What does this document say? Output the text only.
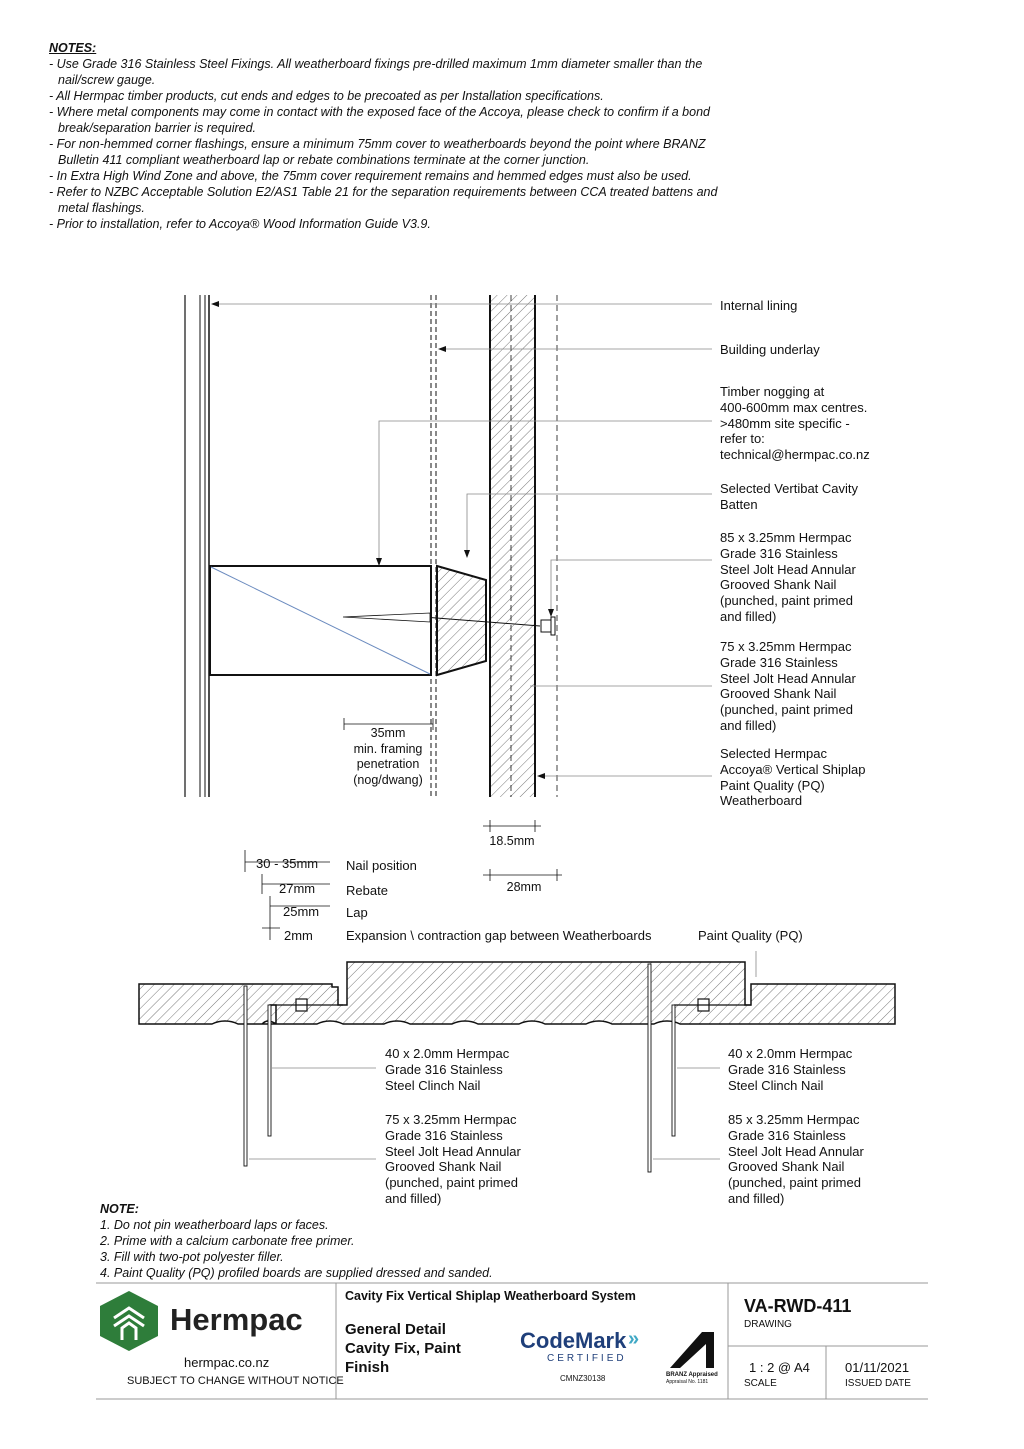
NOTES:
- Use Grade 316 Stainless Steel Fixings. All weatherboard fixings pre-drilled maximum 1mm diameter smaller than the nail/screw gauge.
- All Hermpac timber products, cut ends and edges to be precoated as per Installation specifications.
- Where metal components may come in contact with the exposed face of the Accoya, please check to confirm if a bond break/separation barrier is required.
- For non-hemmed corner flashings, ensure a minimum 75mm cover to weatherboards beyond the point where BRANZ Bulletin 411 compliant weatherboard lap or rebate combinations terminate at the corner junction.
- In Extra High Wind Zone and above, the 75mm cover requirement remains and hemmed edges must also be used.
- Refer to NZBC Acceptable Solution E2/AS1 Table 21 for the separation requirements between CCA treated battens and metal flashings.
- Prior to installation, refer to Accoya® Wood Information Guide V3.9.
Internal lining
Building underlay
Timber nogging at
400-600mm max centres.
>480mm site specific -
refer to:
technical@hermpac.co.nz
Selected Vertibat Cavity
Batten
85 x 3.25mm Hermpac
Grade 316 Stainless
Steel Jolt Head Annular
Grooved Shank Nail
(punched, paint primed
and filled)
75 x 3.25mm Hermpac
Grade 316 Stainless
Steel Jolt Head Annular
Grooved Shank Nail
(punched, paint primed
and filled)
Selected Hermpac
Accoya® Vertical Shiplap
Paint Quality (PQ)
Weatherboard
35mm
min. framing
penetration
(nog/dwang)
18.5mm
28mm
30 - 35mm Nail position
27mm Rebate
25mm Lap
2mm	Expansion \ contraction gap between Weatherboards	Paint Quality (PQ)
40 x 2.0mm Hermpac
Grade 316 Stainless
Steel Clinch Nail
40 x 2.0mm Hermpac
Grade 316 Stainless
Steel Clinch Nail
75 x 3.25mm Hermpac
Grade 316 Stainless
Steel Jolt Head Annular
Grooved Shank Nail
(punched, paint primed
and filled)
85 x 3.25mm Hermpac
Grade 316 Stainless
Steel Jolt Head Annular
Grooved Shank Nail
(punched, paint primed
and filled)
NOTE:
1. Do not pin weatherboard laps or faces.
2. Prime with a calcium carbonate free primer.
3. Fill with two-pot polyester filler.
4. Paint Quality (PQ) profiled boards are supplied dressed and sanded.
Hermpac
hermpac.co.nz
SUBJECT TO CHANGE WITHOUT NOTICE
Cavity Fix Vertical Shiplap Weatherboard System
General Detail
Cavity Fix, Paint
Finish
CodeMark »
CERTIFIED
CMNZ30138	BRANZ Appraised
Appraisal No. 1181
VA-RWD-411
DRAWING
1 : 2 @ A4
SCALE
01/11/2021
ISSUED DATE
